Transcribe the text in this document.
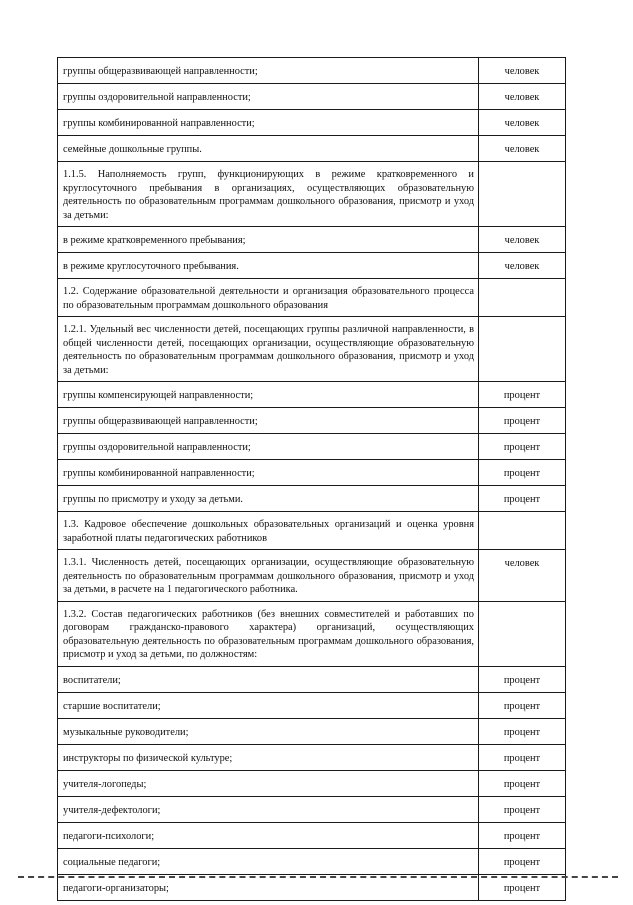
группы общеразвивающей направленности;	человек
группы оздоровительной направленности;	человек
группы комбинированной направленности;	человек
семейные дошкольные группы.	человек
1.1.5. Наполняемость групп, функционирующих в режиме кратковременного и круглосуточного пребывания в организациях, осуществляющих образовательную деятельность по образовательным программам дошкольного образования, присмотр и уход за детьми:	
в режиме кратковременного пребывания;	человек
в режиме круглосуточного пребывания.	человек
1.2. Содержание образовательной деятельности и организация образовательного процесса по образовательным программам дошкольного образования	
1.2.1. Удельный вес численности детей, посещающих группы различной направленности, в общей численности детей, посещающих организации, осуществляющие образовательную деятельность по образовательным программам дошкольного образования, присмотр и уход за детьми:	
группы компенсирующей направленности;	процент
группы общеразвивающей направленности;	процент
группы оздоровительной направленности;	процент
группы комбинированной направленности;	процент
группы по присмотру и уходу за детьми.	процент
1.3. Кадровое обеспечение дошкольных образовательных организаций и оценка уровня заработной платы педагогических работников	
1.3.1. Численность детей, посещающих организации, осуществляющие образовательную деятельность по образовательным программам дошкольного образования, присмотр и уход за детьми, в расчете на 1 педагогического работника.	человек
1.3.2. Состав педагогических работников (без внешних совместителей и работавших по договорам гражданско-правового характера) организаций, осуществляющих образовательную деятельность по образовательным программам дошкольного образования, присмотр и уход за детьми, по должностям:	
воспитатели;	процент
старшие воспитатели;	процент
музыкальные руководители;	процент
инструкторы по физической культуре;	процент
учителя-логопеды;	процент
учителя-дефектологи;	процент
педагоги-психологи;	процент
социальные педагоги;	процент
педагоги-организаторы;	процент
